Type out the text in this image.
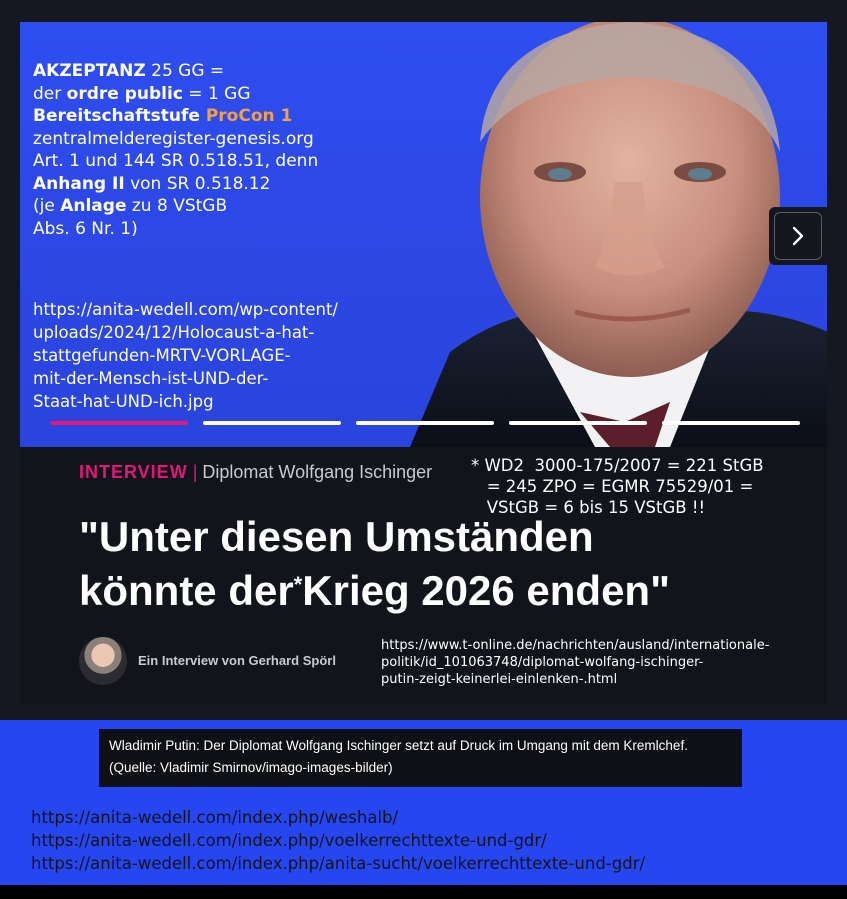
AKZEPTANZ 25 GG =
der ordre public = 1 GG
Bereitschaftstufe ProCon 1
zentralmelderegister-genesis.org
Art. 1 und 144 SR 0.518.51, denn
Anhang II von SR 0.518.12
(je Anlage zu 8 VStGB
Abs. 6 Nr. 1)
https://anita-wedell.com/wp-content/
uploads/2024/12/Holocaust-a-hat-
stattgefunden-MRTV-VORLAGE-
mit-der-Mensch-ist-UND-der-
Staat-hat-UND-ich.jpg
INTERVIEW | Diplomat Wolfgang Ischinger * WD2  3000-175/2007 = 221 StGB
= 245 ZPO = EGMR 75529/01 =
VStGB = 6 bis 15 VStGB !!
"Unter diesen Umständen
könnte der*Krieg 2026 enden"
Ein Interview von Gerhard Spörl
https://www.t-online.de/nachrichten/ausland/internationale-
politik/id_101063748/diplomat-wolfang-ischinger-
putin-zeigt-keinerlei-einlenken-.html
Wladimir Putin: Der Diplomat Wolfgang Ischinger setzt auf Druck im Umgang mit dem Kremlchef.
(Quelle: Vladimir Smirnov/imago-images-bilder)
https://anita-wedell.com/index.php/weshalb/
https://anita-wedell.com/index.php/voelkerrechttexte-und-gdr/
https://anita-wedell.com/index.php/anita-sucht/voelkerrechttexte-und-gdr/
